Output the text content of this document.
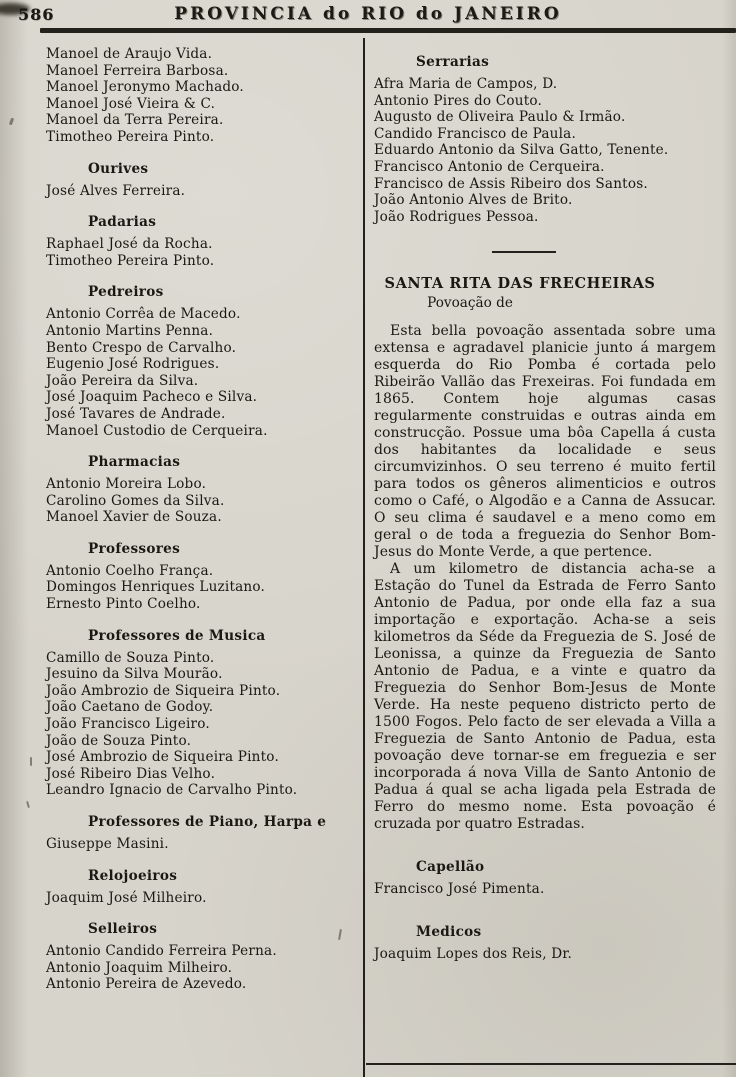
586	PROVINCIA do RIO do JANEIRO
Manoel de Araujo Vida.
Manoel Ferreira Barbosa.
Manoel Jeronymo Machado.
Manoel José Vieira & C.
Manoel da Terra Pereira.
Timotheo Pereira Pinto.
Ourives
José Alves Ferreira.
Padarias
Raphael José da Rocha.
Timotheo Pereira Pinto.
Pedreiros
Antonio Corrêa de Macedo.
Antonio Martins Penna.
Bento Crespo de Carvalho.
Eugenio José Rodrigues.
João Pereira da Silva.
José Joaquim Pacheco e Silva.
José Tavares de Andrade.
Manoel Custodio de Cerqueira.
Pharmacias
Antonio Moreira Lobo.
Carolino Gomes da Silva.
Manoel Xavier de Souza.
Professores
Antonio Coelho França.
Domingos Henriques Luzitano.
Ernesto Pinto Coelho.
Professores de Musica
Camillo de Souza Pinto.
Jesuino da Silva Mourão.
João Ambrozio de Siqueira Pinto.
João Caetano de Godoy.
João Francisco Ligeiro.
João de Souza Pinto.
José Ambrozio de Siqueira Pinto.
José Ribeiro Dias Velho.
Leandro Ignacio de Carvalho Pinto.
Professores de Piano, Harpa e
Giuseppe Masini.
Relojoeiros
Joaquim José Milheiro.
Selleiros
Antonio Candido Ferreira Perna.
Antonio Joaquim Milheiro.
Antonio Pereira de Azevedo.
Serrarias
Afra Maria de Campos, D.
Antonio Pires do Couto.
Augusto de Oliveira Paulo & Irmão.
Candido Francisco de Paula.
Eduardo Antonio da Silva Gatto, Tenente.
Francisco Antonio de Cerqueira.
Francisco de Assis Ribeiro dos Santos.
João Antonio Alves de Brito.
João Rodrigues Pessoa.
SANTA RITA DAS FRECHEIRAS
Povoação de

Esta bella povoação assentada sobre uma extensa e agradavel planicie junto á margem esquerda do Rio Pomba é cortada pelo Ribeirão Vallão das Frexeiras. Foi fundada em 1865. Contem hoje algumas casas regularmente construidas e outras ainda em construcção. Possue uma bôa Capella á custa dos habitantes da localidade e seus circumvizinhos. O seu terreno é muito fertil para todos os gêneros alimenticios e outros como o Café, o Algodão e a Canna de Assucar. O seu clima é saudavel e a meno como em geral o de toda a freguezia do Senhor Bom-Jesus do Monte Verde, a que pertence.

A um kilometro de distancia acha-se a Estação do Tunel da Estrada de Ferro Santo Antonio de Padua, por onde ella faz a sua importação e exportação. Acha-se a seis kilometros da Séde da Freguezia de S. José de Leonissa, a quinze da Freguezia de Santo Antonio de Padua, e a vinte e quatro da Freguezia do Senhor Bom-Jesus de Monte Verde. Ha neste pequeno districto perto de 1500 Fogos. Pelo facto de ser elevada a Villa a Freguezia de Santo Antonio de Padua, esta povoação deve tornar-se em freguezia e ser incorporada á nova Villa de Santo Antonio de Padua á qual se acha ligada pela Estrada de Ferro do mesmo nome. Esta povoação é cruzada por quatro Estradas.

Capellão
Francisco José Pimenta.
Medicos
Joaquim Lopes dos Reis, Dr.
